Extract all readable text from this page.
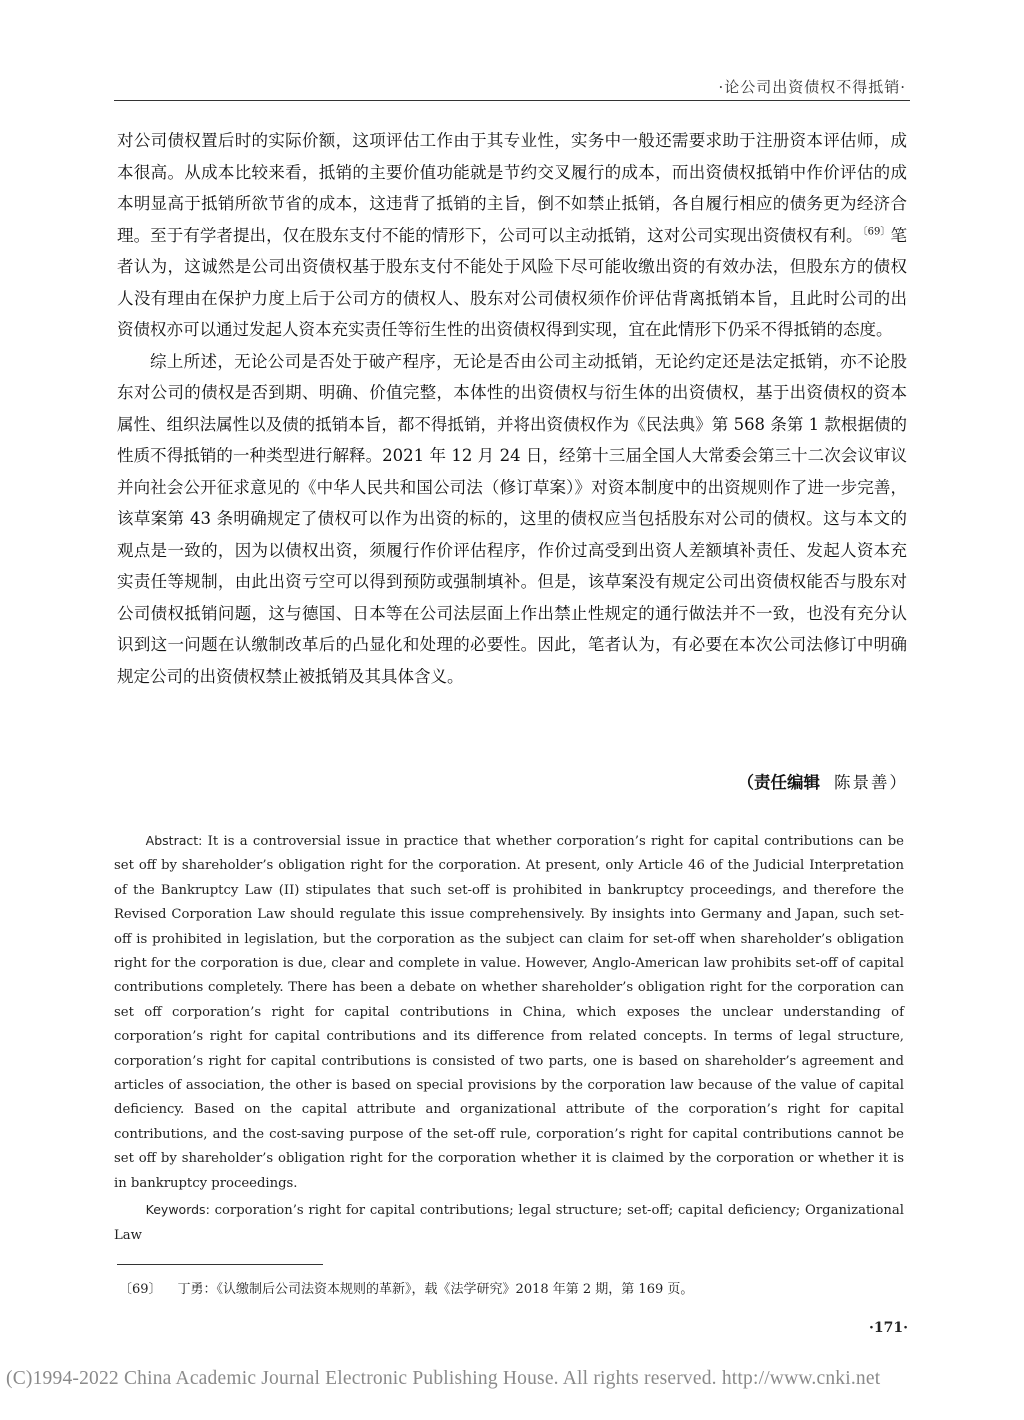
·论公司出资债权不得抵销·

对公司债权置后时的实际价额，这项评估工作由于其专业性，实务中一般还需要求助于注册资本评估师，成本很高。从成本比较来看，抵销的主要价值功能就是节约交叉履行的成本，而出资债权抵销中作价评估的成本明显高于抵销所欲节省的成本，这违背了抵销的主旨，倒不如禁止抵销，各自履行相应的债务更为经济合理。至于有学者提出，仅在股东支付不能的情形下，公司可以主动抵销，这对公司实现出资债权有利。$^{〔69〕}$笔者认为，这诚然是公司出资债权基于股东支付不能处于风险下尽可能收缴出资的有效办法，但股东方的债权人没有理由在保护力度上后于公司方的债权人、股东对公司债权须作价评估背离抵销本旨，且此时公司的出资债权亦可以通过发起人资本充实责任等衍生性的出资债权得到实现，宜在此情形下仍采不得抵销的态度。

综上所述，无论公司是否处于破产程序，无论是否由公司主动抵销，无论约定还是法定抵销，亦不论股东对公司的债权是否到期、明确、价值完整，本体性的出资债权与衍生体的出资债权，基于出资债权的资本属性、组织法属性以及债的抵销本旨，都不得抵销，并将出资债权作为《民法典》第 568 条第 1 款根据债的性质不得抵销的一种类型进行解释。2021 年 12 月 24 日，经第十三届全国人大常委会第三十二次会议审议并向社会公开征求意见的《中华人民共和国公司法（修订草案）》对资本制度中的出资规则作了进一步完善，该草案第 43 条明确规定了债权可以作为出资的标的，这里的债权应当包括股东对公司的债权。这与本文的观点是一致的，因为以债权出资，须履行作价评估程序，作价过高受到出资人差额填补责任、发起人资本充实责任等规制，由此出资亏空可以得到预防或强制填补。但是，该草案没有规定公司出资债权能否与股东对公司债权抵销问题，这与德国、日本等在公司法层面上作出禁止性规定的通行做法并不一致，也没有充分认识到这一问题在认缴制改革后的凸显化和处理的必要性。因此，笔者认为，有必要在本次公司法修订中明确规定公司的出资债权禁止被抵销及其具体含义。

（责任编辑 陈景善）

Abstract: It is a controversial issue in practice that whether corporation’s right for capital contributions can be set off by shareholder’s obligation right for the corporation. At present, only Article 46 of the Judicial Interpretation of the Bankruptcy Law (II) stipulates that such set-off is prohibited in bankruptcy proceedings, and therefore the Revised Corporation Law should regulate this issue comprehensively. By insights into Germany and Japan, such set-off is prohibited in legislation, but the corporation as the subject can claim for set-off when shareholder’s obligation right for the corporation is due, clear and complete in value. However, Anglo-American law prohibits set-off of capital contributions completely. There has been a debate on whether shareholder’s obligation right for the corporation can set off corporation’s right for capital contributions in China, which exposes the unclear understanding of corporation’s right for capital contributions and its difference from related concepts. In terms of legal structure, corporation’s right for capital contributions is consisted of two parts, one is based on shareholder’s agreement and articles of association, the other is based on special provisions by the corporation law because of the value of capital deficiency. Based on the capital attribute and organizational attribute of the corporation’s right for capital contributions, and the cost-saving purpose of the set-off rule, corporation’s right for capital contributions cannot be set off by shareholder’s obligation right for the corporation whether it is claimed by the corporation or whether it is in bankruptcy proceedings.

Keywords: corporation’s right for capital contributions; legal structure; set-off; capital deficiency; Organizational Law

〔69〕 丁勇：《认缴制后公司法资本规则的革新》，载《法学研究》2018 年第 2 期，第 169 页。
·171·
(C)1994-2022 China Academic Journal Electronic Publishing House. All rights reserved. http://www.cnki.net
